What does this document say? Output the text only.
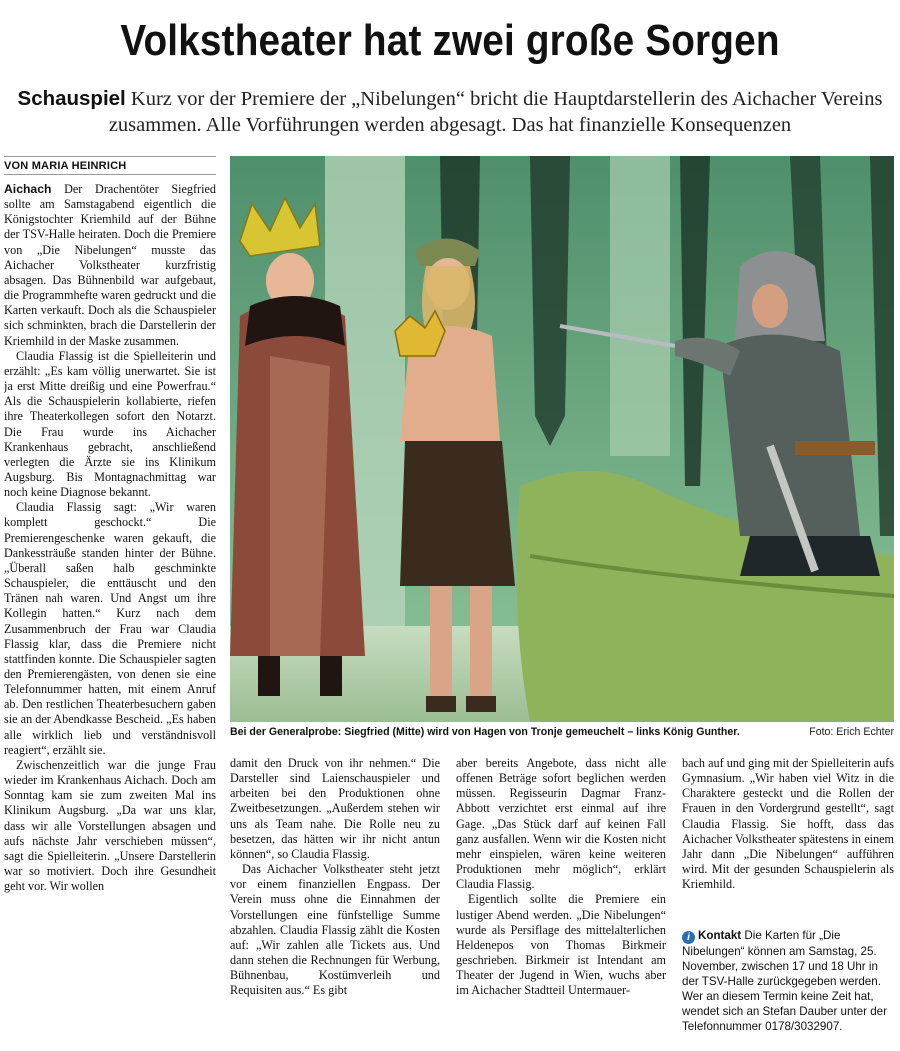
Volkstheater hat zwei große Sorgen
Schauspiel Kurz vor der Premiere der „Nibelungen“ bricht die Hauptdarstellerin des Aichacher Vereins zusammen. Alle Vorführungen werden abgesagt. Das hat finanzielle Konsequenzen
VON MARIA HEINRICH

Aichach Der Drachentöter Siegfried sollte am Samstagabend eigentlich die Königstochter Kriemhild auf der Bühne der TSV-Halle heiraten. Doch die Premiere von „Die Nibelungen“ musste das Aichacher Volkstheater kurzfristig absagen. Das Bühnenbild war aufgebaut, die Programmhefte waren gedruckt und die Karten verkauft. Doch als die Schauspieler sich schminkten, brach die Darstellerin der Kriemhild in der Maske zusammen.

Claudia Flassig ist die Spielleiterin und erzählt: „Es kam völlig unerwartet. Sie ist ja erst Mitte dreißig und eine Powerfrau.“ Als die Schauspielerin kollabierte, riefen ihre Theaterkollegen sofort den Notarzt. Die Frau wurde ins Aichacher Krankenhaus gebracht, anschließend verlegten die Ärzte sie ins Klinikum Augsburg. Bis Montagnachmittag war noch keine Diagnose bekannt.

Claudia Flassig sagt: „Wir waren komplett geschockt.“ Die Premierengeschenke waren gekauft, die Dankessträuße standen hinter der Bühne. „Überall saßen halb geschminkte Schauspieler, die enttäuscht und den Tränen nah waren. Und Angst um ihre Kollegin hatten.“ Kurz nach dem Zusammenbruch der Frau war Claudia Flassig klar, dass die Premiere nicht stattfinden konnte. Die Schauspieler sagten den Premierengästen, von denen sie eine Telefonnummer hatten, mit einem Anruf ab. Den restlichen Theaterbesuchern gaben sie an der Abendkasse Bescheid. „Es haben alle wirklich lieb und verständnisvoll reagiert“, erzählt sie.

Zwischenzeitlich war die junge Frau wieder im Krankenhaus Aichach. Doch am Sonntag kam sie zum zweiten Mal ins Klinikum Augsburg. „Da war uns klar, dass wir alle Vorstellungen absagen und aufs nächste Jahr verschieben müssen“, sagt die Spielleiterin. „Unsere Darstellerin war so motiviert. Doch ihre Gesundheit geht vor. Wir wollen

Bei der Generalprobe: Siegfried (Mitte) wird von Hagen von Tronje gemeuchelt – links König Gunther.	Foto: Erich Echter

damit den Druck von ihr nehmen.“ Die Darsteller sind Laienschauspieler und arbeiten bei den Produktionen ohne Zweitbesetzungen. „Außerdem stehen wir uns als Team nahe. Die Rolle neu zu besetzen, das hätten wir ihr nicht antun können“, so Claudia Flassig.

Das Aichacher Volkstheater steht jetzt vor einem finanziellen Engpass. Der Verein muss ohne die Einnahmen der Vorstellungen eine fünfstellige Summe abzahlen. Claudia Flassig zählt die Kosten auf: „Wir zahlen alle Tickets aus. Und dann stehen die Rechnungen für Werbung, Bühnenbau, Kostümverleih und Requisiten aus.“ Es gibt

aber bereits Angebote, dass nicht alle offenen Beträge sofort beglichen werden müssen. Regisseurin Dagmar Franz-Abbott verzichtet erst einmal auf ihre Gage. „Das Stück darf auf keinen Fall ganz ausfallen. Wenn wir die Kosten nicht mehr einspielen, wären keine weiteren Produktionen mehr möglich“, erklärt Claudia Flassig.

Eigentlich sollte die Premiere ein lustiger Abend werden. „Die Nibelungen“ wurde als Persiflage des mittelalterlichen Heldenepos von Thomas Birkmeir geschrieben. Birkmeir ist Intendant am Theater der Jugend in Wien, wuchs aber im Aichacher Stadtteil Untermauer-

bach auf und ging mit der Spielleiterin aufs Gymnasium. „Wir haben viel Witz in die Charaktere gesteckt und die Rollen der Frauen in den Vordergrund gestellt“, sagt Claudia Flassig. Sie hofft, dass das Aichacher Volkstheater spätestens in einem Jahr dann „Die Nibelungen“ aufführen wird. Mit der gesunden Schauspielerin als Kriemhild.

i Kontakt Die Karten für „Die Nibelungen“ können am Samstag, 25. November, zwischen 17 und 18 Uhr in der TSV-Halle zurückgegeben werden. Wer an diesem Termin keine Zeit hat, wendet sich an Stefan Dauber unter der Telefonnummer 0178/3032907.
